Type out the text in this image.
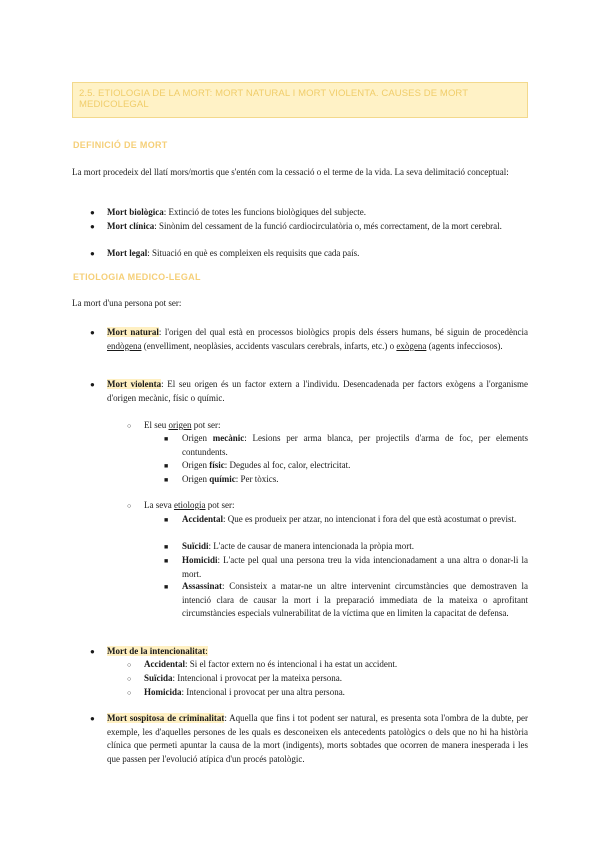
2.5. ETIOLOGIA DE LA MORT: MORT NATURAL I MORT VIOLENTA. CAUSES DE MORT MEDICOLEGAL
DEFINICIÓ DE MORT
La mort procedeix del llatí mors/mortis que s'entén com la cessació o el terme de la vida. La seva delimitació conceptual:
● Mort biològica: Extinció de totes les funcions biològiques del subjecte.
● Mort clínica: Sinònim del cessament de la funció cardiocirculatòria o, més correctament, de la mort cerebral.
● Mort legal: Situació en què es compleixen els requisits que cada país.
ETIOLOGIA MEDICO-LEGAL
La mort d'una persona pot ser:
● Mort natural: l'origen del qual està en processos biològics propis dels éssers humans, bé siguin de procedència endògena (envelliment, neoplàsies, accidents vasculars cerebrals, infarts, etc.) o exògena (agents infecciosos).
● Mort violenta: El seu origen és un factor extern a l'individu. Desencadenada per factors exògens a l'organisme d'origen mecànic, físic o químic.
○ El seu origen pot ser:
■ Origen mecànic: Lesions per arma blanca, per projectils d'arma de foc, per elements contundents.
■ Origen físic: Degudes al foc, calor, electricitat.
■ Origen químic: Per tòxics.
○ La seva etiologia pot ser:
■ Accidental: Que es produeix per atzar, no intencionat i fora del que està acostumat o previst.
■ Suïcidi: L'acte de causar de manera intencionada la pròpia mort.
■ Homicidi: L'acte pel qual una persona treu la vida intencionadament a una altra o donar-li la mort.
■ Assassinat: Consisteix a matar-ne un altre intervenint circumstàncies que demostraven la intenció clara de causar la mort i la preparació immediata de la mateixa o aprofitant circumstàncies especials vulnerabilitat de la víctima que en limiten la capacitat de defensa.
● Mort de la intencionalitat:
○ Accidental: Si el factor extern no és intencional i ha estat un accident.
○ Suïcida: Intencional i provocat per la mateixa persona.
○ Homicida: Intencional i provocat per una altra persona.
● Mort sospitosa de criminalitat: Aquella que fins i tot podent ser natural, es presenta sota l'ombra de la dubte, per exemple, les d'aquelles persones de les quals es desconeixen els antecedents patològics o dels que no hi ha història clínica que permeti apuntar la causa de la mort (indigents), morts sobtades que ocorren de manera inesperada i les que passen per l'evolució atípica d'un procés patològic.
